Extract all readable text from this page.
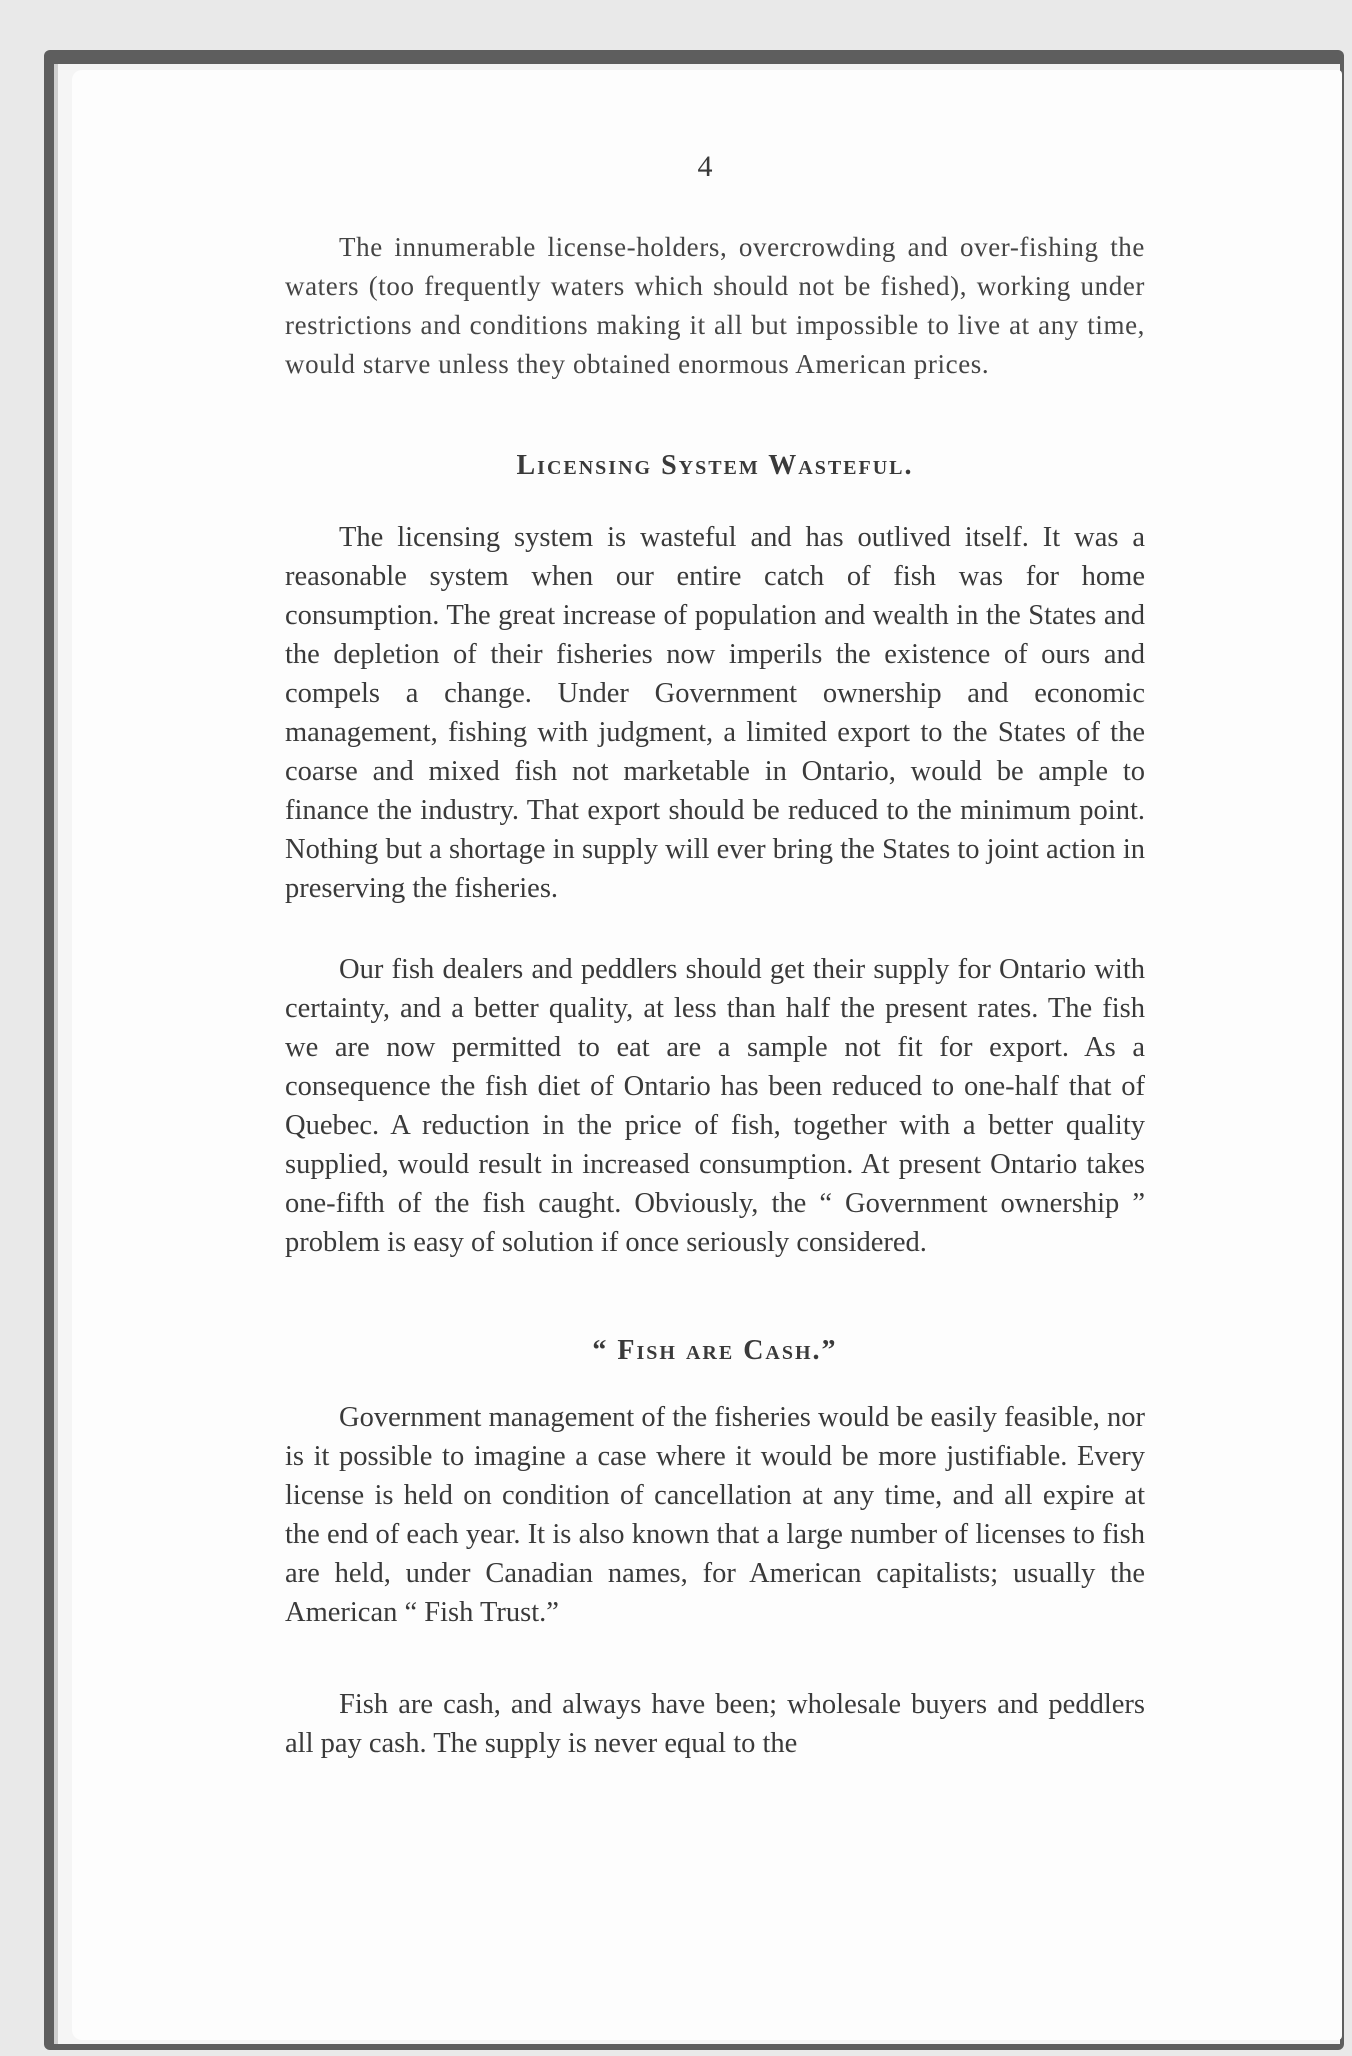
4

The innumerable license-holders, overcrowding and over-fishing the waters (too frequently waters which should not be fished), working under restrictions and conditions making it all but impossible to live at any time, would starve unless they obtained enormous American prices.

Licensing System Wasteful.

The licensing system is wasteful and has outlived itself. It was a reasonable system when our entire catch of fish was for home consumption. The great increase of population and wealth in the States and the depletion of their fisheries now imperils the existence of ours and compels a change. Under Government ownership and economic management, fishing with judgment, a limited export to the States of the coarse and mixed fish not marketable in Ontario, would be ample to finance the industry. That export should be reduced to the minimum point. Nothing but a shortage in supply will ever bring the States to joint action in preserving the fisheries.

Our fish dealers and peddlers should get their supply for Ontario with certainty, and a better quality, at less than half the present rates. The fish we are now permitted to eat are a sample not fit for export. As a consequence the fish diet of Ontario has been reduced to one-half that of Quebec. A reduction in the price of fish, together with a better quality supplied, would result in increased consumption. At present Ontario takes one-fifth of the fish caught. Obviously, the “ Government ownership ” problem is easy of solution if once seriously considered.

“ Fish are Cash.”

Government management of the fisheries would be easily feasible, nor is it possible to imagine a case where it would be more justifiable. Every license is held on condition of cancellation at any time, and all expire at the end of each year. It is also known that a large number of licenses to fish are held, under Canadian names, for American capitalists; usually the American “ Fish Trust.”

Fish are cash, and always have been; wholesale buyers and peddlers all pay cash. The supply is never equal to the
